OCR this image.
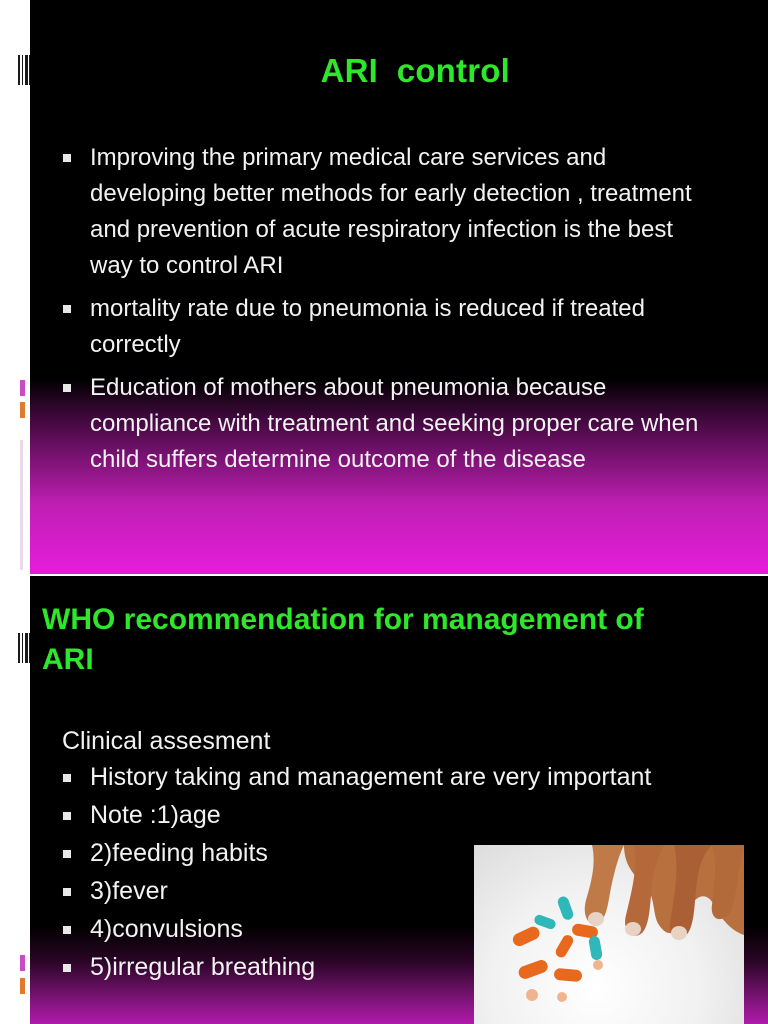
ARI  control
Improving the primary medical care services and developing better methods for early detection , treatment and prevention of acute respiratory infection is the best way to control ARI
mortality rate due to pneumonia is reduced if treated correctly
Education of mothers about pneumonia because compliance with treatment and seeking proper care when child suffers determine outcome of the disease
WHO recommendation for management of ARI
Clinical assesment
History taking and management are very important
Note :1)age
2)feeding habits
3)fever
4)convulsions
5)irregular breathing
